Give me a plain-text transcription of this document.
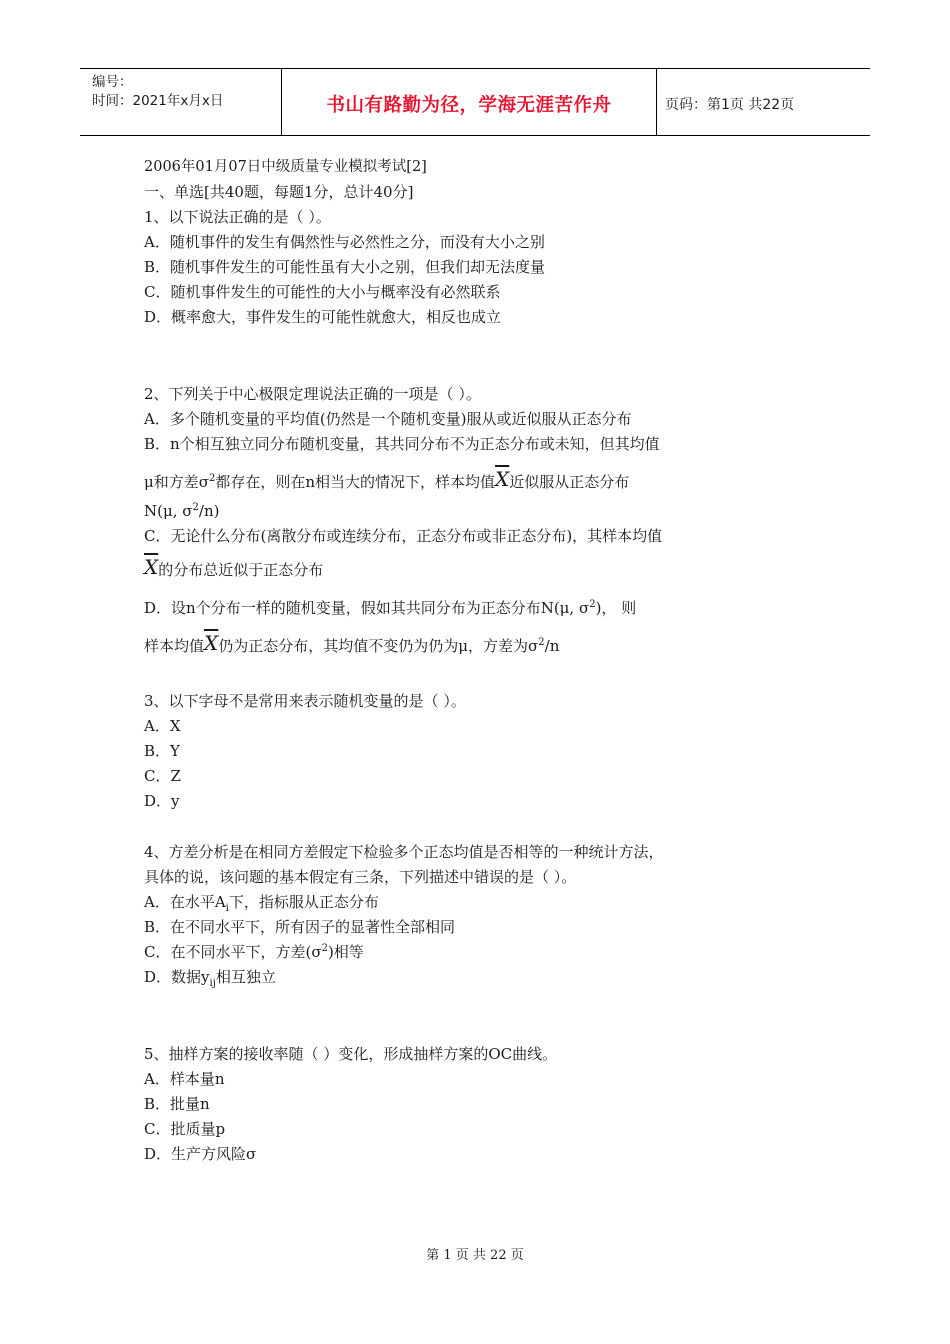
编号：
时间：2021年x月x日	书山有路勤为径，学海无涯苦作舟	页码：第1页 共22页

2006年01月07日中级质量专业模拟考试[2]

一、单选[共40题，每题1分，总计40分]

1、以下说法正确的是（ ）。

A．随机事件的发生有偶然性与必然性之分，而没有大小之别

B．随机事件发生的可能性虽有大小之别，但我们却无法度量

C．随机事件发生的可能性的大小与概率没有必然联系

D．概率愈大，事件发生的可能性就愈大，相反也成立

2、下列关于中心极限定理说法正确的一项是（ ）。

A．多个随机变量的平均值(仍然是一个随机变量)服从或近似服从正态分布

B．n个相互独立同分布随机变量，其共同分布不为正态分布或未知，但其均值

μ和方差$\sigma^2$都存在，则在n相当大的情况下，样本均值$\overline{X}$近似服从正态分布

N(μ, $\sigma^2/n$)

C．无论什么分布(离散分布或连续分布，正态分布或非正态分布)，其样本均值

$\overline{X}$的分布总近似于正态分布

D．设n个分布一样的随机变量，假如其共同分布为正态分布N(μ, $\sigma^2$)， 则

样本均值$\overline{X}$仍为正态分布，其均值不变仍为仍为μ，方差为$\sigma^2/n$

3、以下字母不是常用来表示随机变量的是（ ）。

A．X

B．Y

C．Z

D．y

4、方差分析是在相同方差假定下检验多个正态均值是否相等的一种统计方法，

具体的说，该问题的基本假定有三条，下列描述中错误的是（ ）。

A．在水平$A_i$下，指标服从正态分布

B．在不同水平下，所有因子的显著性全部相同

C．在不同水平下，方差$(\sigma^2)$相等

D．数据$y_{ij}$相互独立

5、抽样方案的接收率随（ ）变化，形成抽样方案的OC曲线。

A．样本量n

B．批量n

C．批质量p

D．生产方风险σ

第 1 页 共 22 页
